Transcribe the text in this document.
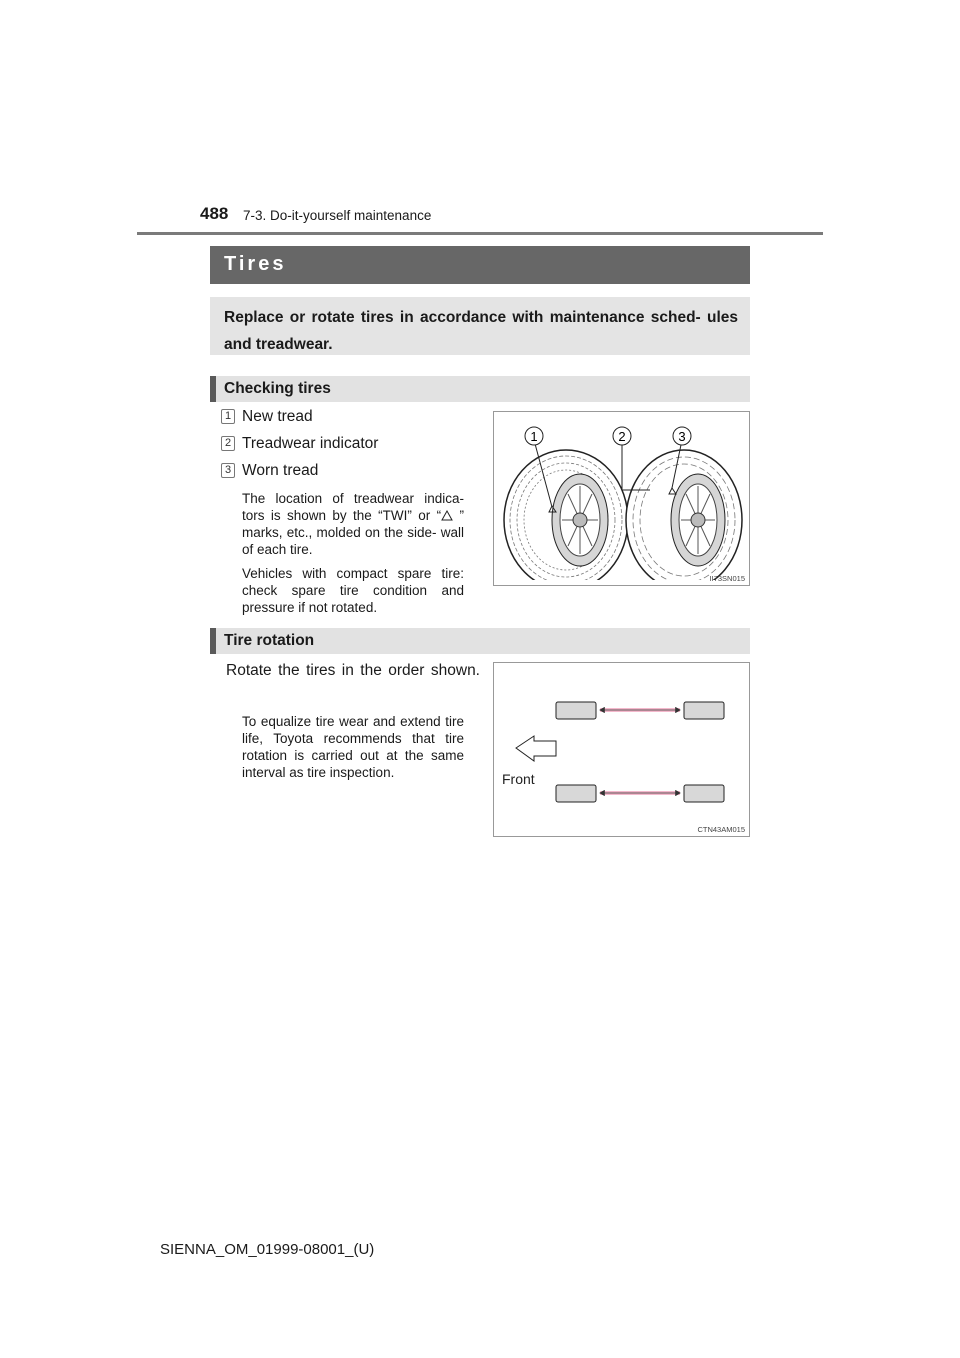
488 7-3. Do-it-yourself maintenance
Tires
Replace or rotate tires in accordance with maintenance sched- ules and treadwear.
Checking tires
1 New tread
2 Treadwear indicator
3 Worn tread
The location of treadwear indica- tors is shown by the “TWI” or “ ” marks, etc., molded on the side- wall of each tire.
Vehicles with compact spare tire: check spare tire condition and pressure if not rotated.
1	2	3
II73SN015
Tire rotation
Rotate the tires in the order shown.
To equalize tire wear and extend tire life, Toyota recommends that tire rotation is carried out at the same interval as tire inspection.	Front
CTN43AM015
SIENNA_OM_01999-08001_(U)
